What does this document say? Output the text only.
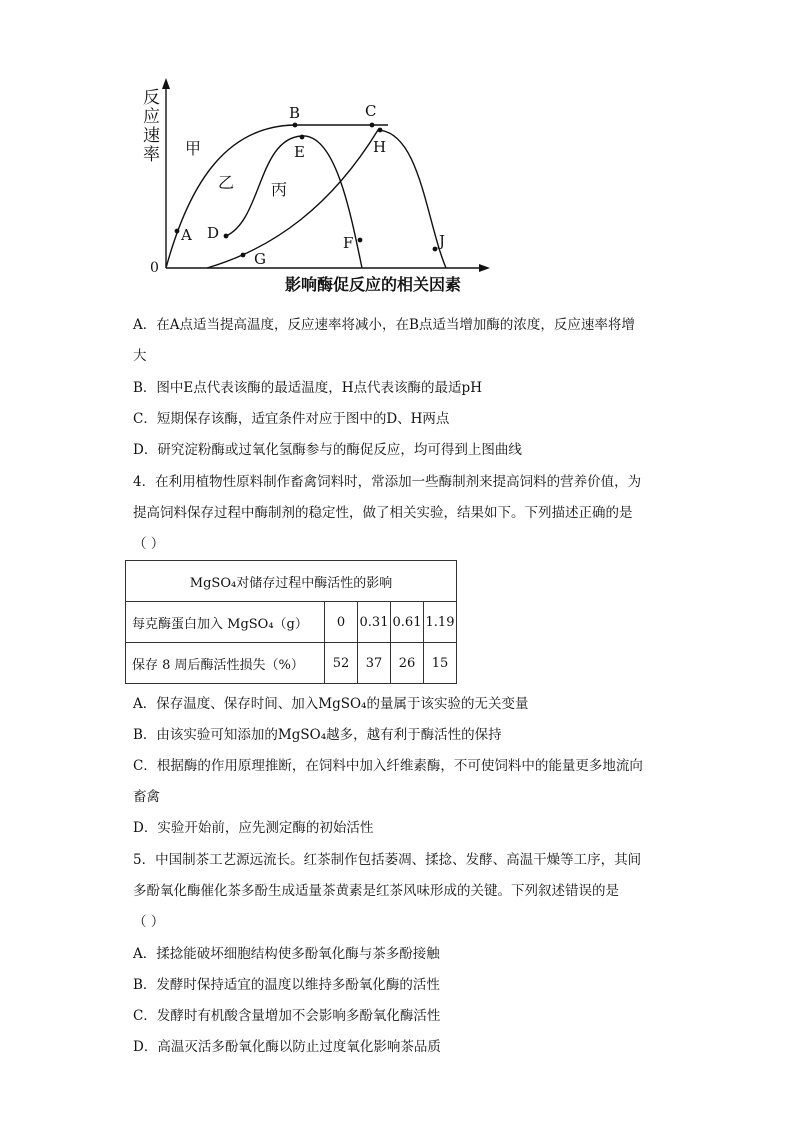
反
应
速
率
0
影响酶促反应的相关因素
A
B	C
D
E
F
G
H
J
甲
乙 丙
A．在A点适当提高温度，反应速率将减小，在B点适当增加酶的浓度，反应速率将增
大
B．图中E点代表该酶的最适温度，H点代表该酶的最适pH
C．短期保存该酶，适宜条件对应于图中的D、H两点
D．研究淀粉酶或过氧化氢酶参与的酶促反应，均可得到上图曲线
4．在利用植物性原料制作畜禽饲料时，常添加一些酶制剂来提高饲料的营养价值，为
提高饲料保存过程中酶制剂的稳定性，做了相关实验，结果如下。下列描述正确的是
（ ）
MgSO₄对储存过程中酶活性的影响				
每克酶蛋白加入 MgSO₄（g）	0	0.31	0.61	1.19
保存 8 周后酶活性损失（%）	52	37	26	15
A．保存温度、保存时间、加入MgSO₄的量属于该实验的无关变量
B．由该实验可知添加的MgSO₄越多，越有利于酶活性的保持
C．根据酶的作用原理推断，在饲料中加入纤维素酶，不可使饲料中的能量更多地流向
畜禽
D．实验开始前，应先测定酶的初始活性
5．中国制茶工艺源远流长。红茶制作包括萎凋、揉捻、发酵、高温干燥等工序，其间
多酚氧化酶催化茶多酚生成适量茶黄素是红茶风味形成的关键。下列叙述错误的是
（ ）
A．揉捻能破坏细胞结构使多酚氧化酶与茶多酚接触
B．发酵时保持适宜的温度以维持多酚氧化酶的活性
C．发酵时有机酸含量增加不会影响多酚氧化酶活性
D．高温灭活多酚氧化酶以防止过度氧化影响茶品质
